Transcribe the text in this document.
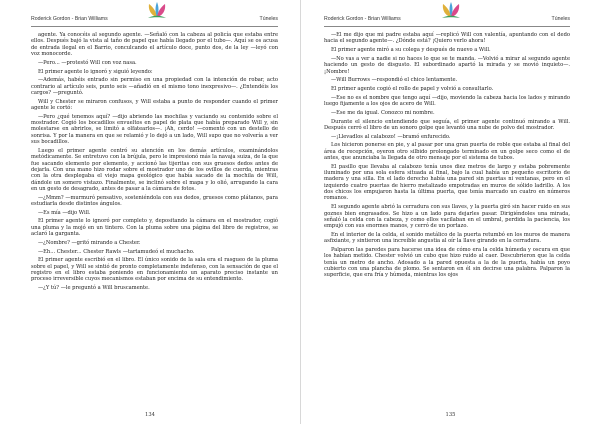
Roderick Gordon - Brian Williams	Túneles

agente. Ya conocéis al segundo agente. —Señaló con la cabeza al policía que estaba entre ellos. Después bajó la vista al taño de papel que había llegado por el tubo—. Aquí se os acusa de entrada ilegal en el Barrio, conculcando el artículo doce, punto dos, de la ley —leyó con voz monocorde.

—Pero... —protestó Will con voz nasa.

El primer agente lo ignoró y siguió leyendo:

—Además, habéis entrado sin permiso en una propiedad con la intención de robar, acto contrario al artículo seis, punto seis —añadió en el mismo tono inexpresivo—. ¿Entendéis los cargos? —preguntó.

Will y Chester se miraron confusos, y Will estaba a punto de responder cuando el primer agente le cortó:

—Pero ¿qué tenemos aquí? —dijo abriendo las mochilas y vaciando su contenido sobre el mostrador. Cogió los bocadillos envueltos en papel de plata que había preparado Will y, sin molestarse en abrirlos, se limitó a olfatearlos—. ¡Ah, cerdo! —comentó con un destello de sonrisa. Y por la manera en que se relamió y lo dejó a un lado, Will supo que no volvería a ver sus bocadillos.

Luego el primer agente centró su atención en los demás artículos, examinándolos metódicamente. Se entretuvo con la brújula, pero le impresionó más la navaja suiza, de la que fue sacando elemento por elemento, y accionó las tijeritas con sus gruesos dedos antes de dejarla. Con una mano hizo rodar sobre el mostrador uno de los ovillos de cuerda, mientras con la otra desplegaba el viejo mapa geológico que había sacado de la mochila de Will, dándole un somero vistazo. Finalmente, se inclinó sobre el mapa y lo olió, arrugando la cara en un gesto de desagrado, antes de pasar a la cámara de fotos.

—¿Mmm? —murmuró pensativo, sosteniéndola con sus dedos, gruesos como plátanos, para estudiarla desde distintos ángulos.

—Es mía —dijo Will.

El primer agente lo ignoró por completo y, depositando la cámara en el mostrador, cogió una pluma y la mojó en un tintero. Con la pluma sobre una página del libro de registros, se aclaró la garganta.

—¿Nombre? —gritó mirando a Chester.

—Eh... Chester... Chester Rawls —tartamudeó el muchacho.

El primer agente escribió en el libro. El único sonido de la sala era el rasgueo de la pluma sobre el papel, y Will se sintió de pronto completamente indefenso, con la sensación de que el registro en el libro estaba poniendo en funcionamiento un aparato preciso instante un proceso irreversible cuyos mecanismos estaban por encima de su entendimiento.

—¿Y tú? —le preguntó a Will bruscamente.

134
Roderick Gordon - Brian Williams	Túneles

—El me dijo que mi padre estaba aquí —replicó Will con valentía, apuntando con el dedo hacia el segundo agente—. ¿Dónde está? ¡Quiero verlo ahora!

El primer agente miró a su colega y después de nuevo a Will.

—No vas a ver a nadie si no haces lo que se te manda. —Volvió a mirar al segundo agente haciendo un gesto de disgusto. El subordinado apartó la mirada y se movió inquieto—. ¡Nombre!

—Will Burrows —respondió el chico lentamente.

El primer agente cogió el rollo de papel y volvió a consultarlo.

—Ese no es el nombre que tengo aquí —dijo, moviendo la cabeza hacia los lados y mirando luego fijamente a los ojos de acero de Will.

—Ese me da igual. Conozco mi nombre.

Durante el silencio entendiendo que seguía, el primer agente continuó mirando a Will. Después cerró el libro de un sonoro golpe que levantó una nube de polvo del mostrador.

—¡Llevadlos al calabozo! —bramó enfurecido.

Los hicieron ponerse en pie, y al pasar por una gran puerta de roble que estaba al final del área de recepción, oyeron otro silbido prolongado terminado en un golpe seco como el de antes, que anunciaba la llegada de otro mensaje por el sistema de tubos.

El pasillo que llevaba al calabozo tenía unos diez metros de largo y estaba pobremente iluminado por una sola esfera situada al final, bajo la cual había un pequeño escritorio de madera y una silla. En el lado derecho había una pared sin puertas ni ventanas, pero en el izquierdo cuatro puertas de hierro metalizado empotradas en muros de sólido ladrillo. A los dos chicos los empujaron hasta la última puerta, que tenía marcado un cuatro en números romanos.

El segundo agente abrió la cerradura con sus llaves, y la puerta giró sin hacer ruido en sus goznes bien engrasados. Se hizo a un lado para dejarles pasar. Dirigiéndoles una mirada, señaló la celda con la cabeza, y como ellos vacilaban en el umbral, perdida la paciencia, los empujó con sus enormes manos, y cerró de un portazo.

En el interior de la celda, el sonido metálico de la puerta retumbó en los muros de manera asfixiante, y sintieron una increíble angustia al oír la llave girando en la cerradura.

Palparon las paredes para hacerse una idea de cómo era la celda húmeda y oscura en que los habían metido. Chester volvió un cubo que hizo ruido al caer. Descubrieron que la celda tenía un metro de ancho. Adosado a la pared opuesta a la de la puerta, había un poyo cubierto con una plancha de plomo. Se sentaron en él sin decirse una palabra. Palparon la superficie, que era fría y húmeda, mientras los ojos

135
